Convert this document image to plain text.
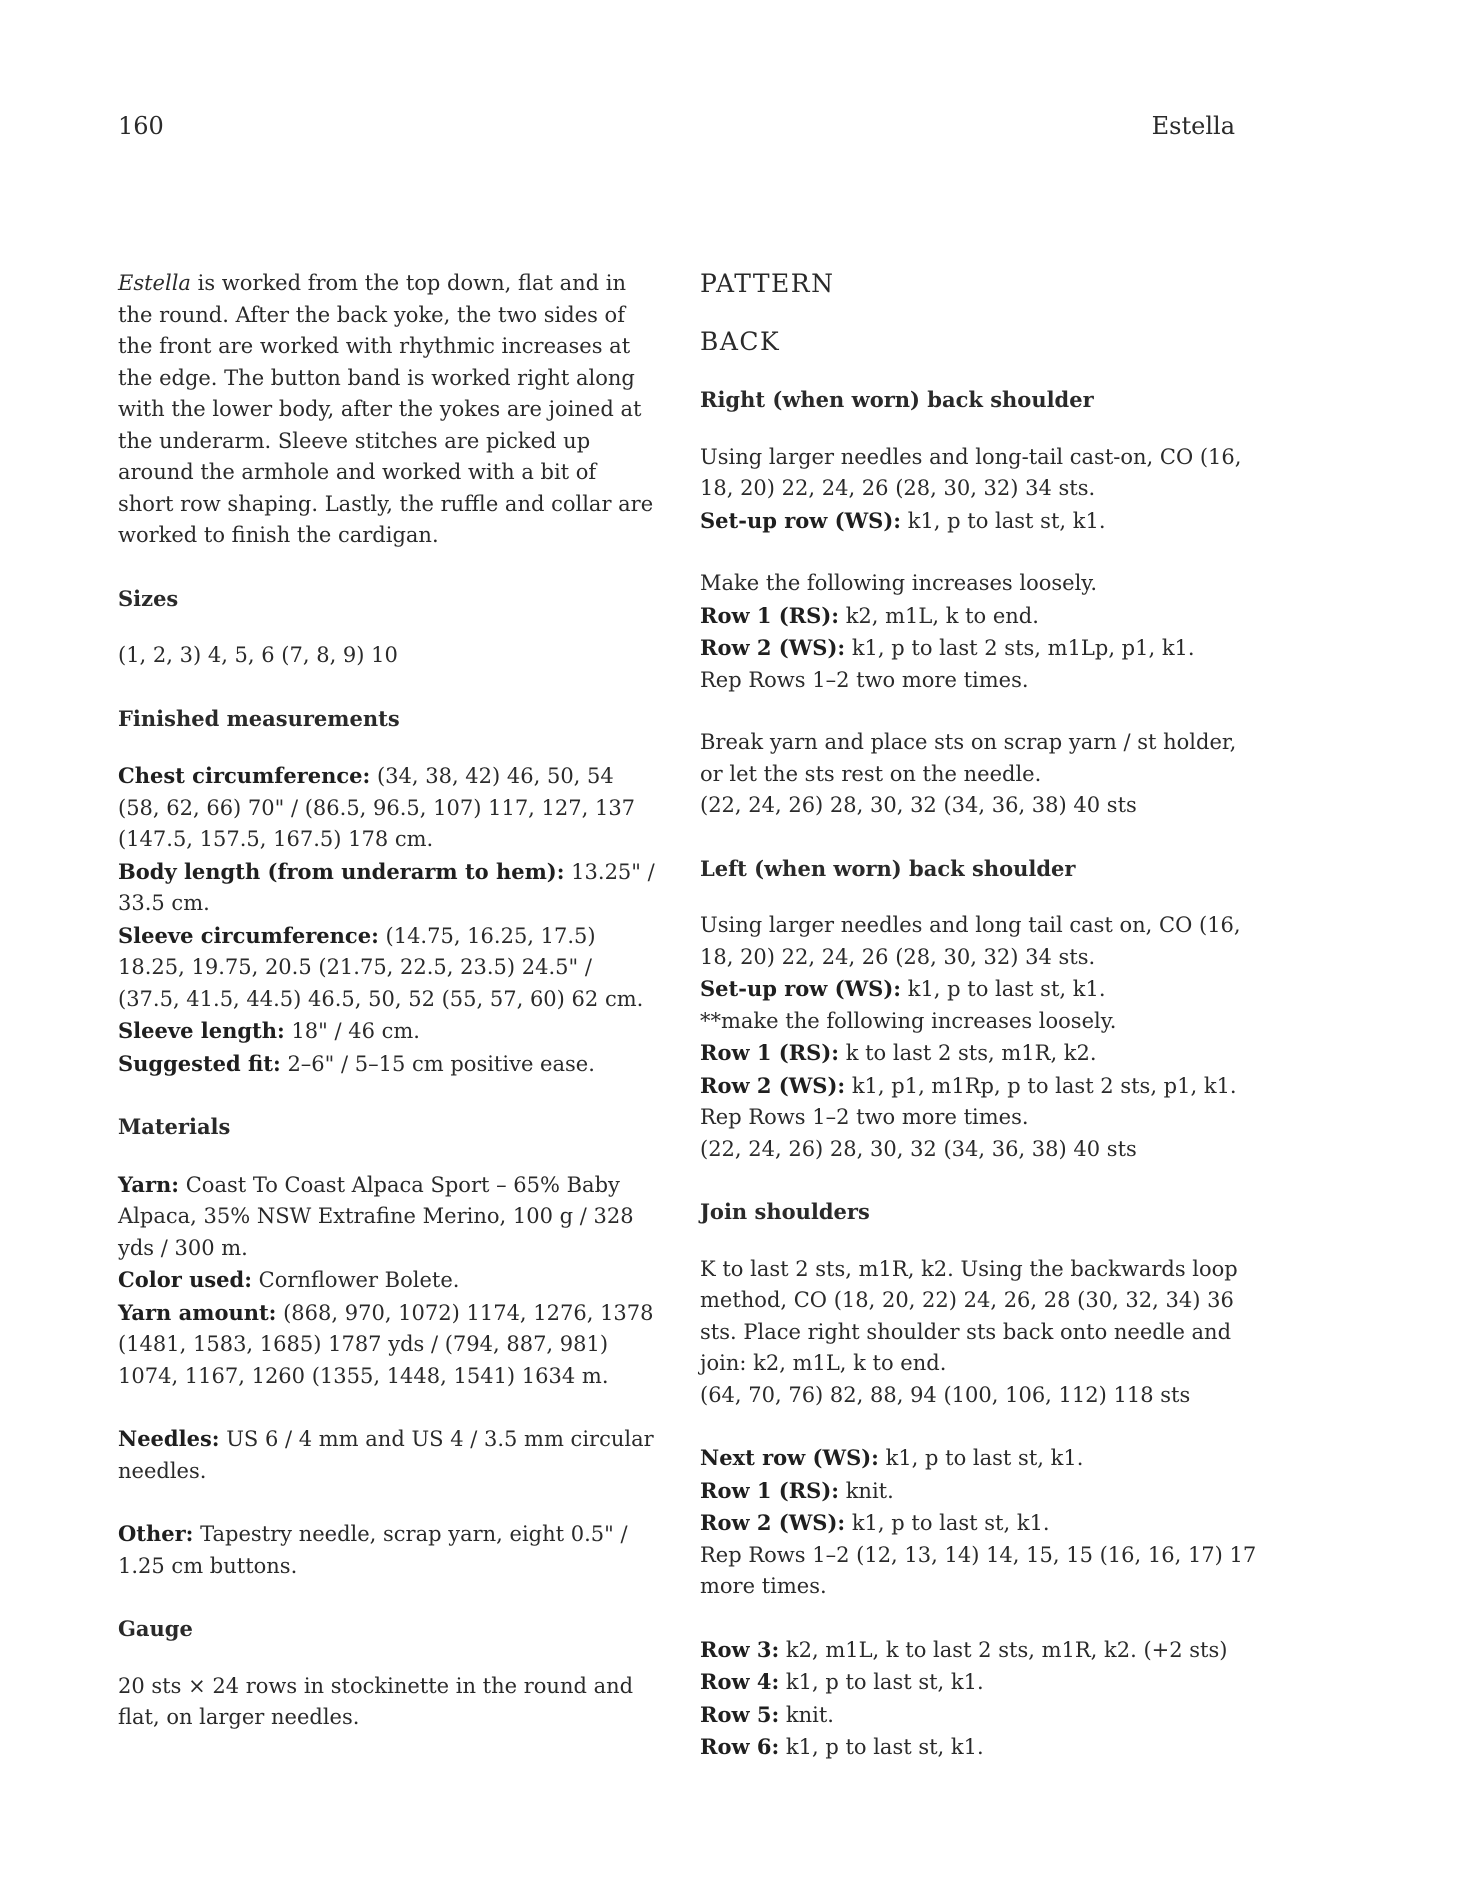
160	Estella

Estella is worked from the top down, flat and in the round. After the back yoke, the two sides of the front are worked with rhythmic increases at the edge. The button band is worked right along with the lower body, after the yokes are joined at the underarm. Sleeve stitches are picked up around the armhole and worked with a bit of short row shaping. Lastly, the ruffle and collar are worked to finish the cardigan.

Sizes

(1, 2, 3) 4, 5, 6 (7, 8, 9) 10

Finished measurements

Chest circumference: (34, 38, 42) 46, 50, 54 (58, 62, 66) 70" / (86.5, 96.5, 107) 117, 127, 137 (147.5, 157.5, 167.5) 178 cm.
Body length (from underarm to hem): 13.25" / 33.5 cm.
Sleeve circumference: (14.75, 16.25, 17.5) 18.25, 19.75, 20.5 (21.75, 22.5, 23.5) 24.5" / (37.5, 41.5, 44.5) 46.5, 50, 52 (55, 57, 60) 62 cm.
Sleeve length: 18" / 46 cm.
Suggested fit: 2–6" / 5–15 cm positive ease.

Materials

Yarn: Coast To Coast Alpaca Sport – 65% Baby Alpaca, 35% NSW Extrafine Merino, 100 g / 328 yds / 300 m.
Color used: Cornflower Bolete.
Yarn amount: (868, 970, 1072) 1174, 1276, 1378 (1481, 1583, 1685) 1787 yds / (794, 887, 981) 1074, 1167, 1260 (1355, 1448, 1541) 1634 m.

Needles: US 6 / 4 mm and US 4 / 3.5 mm circular needles.

Other: Tapestry needle, scrap yarn, eight 0.5" / 1.25 cm buttons.

Gauge

20 sts × 24 rows in stockinette in the round and flat, on larger needles.

PATTERN
BACK
Right (when worn) back shoulder

Using larger needles and long-tail cast-on, CO (16, 18, 20) 22, 24, 26 (28, 30, 32) 34 sts.
Set-up row (WS): k1, p to last st, k1.

Make the following increases loosely.
Row 1 (RS): k2, m1L, k to end.
Row 2 (WS): k1, p to last 2 sts, m1Lp, p1, k1.
Rep Rows 1–2 two more times.

Break yarn and place sts on scrap yarn / st holder, or let the sts rest on the needle.
(22, 24, 26) 28, 30, 32 (34, 36, 38) 40 sts

Left (when worn) back shoulder

Using larger needles and long tail cast on, CO (16, 18, 20) 22, 24, 26 (28, 30, 32) 34 sts.
Set-up row (WS): k1, p to last st, k1.
**make the following increases loosely.
Row 1 (RS): k to last 2 sts, m1R, k2.
Row 2 (WS): k1, p1, m1Rp, p to last 2 sts, p1, k1.
Rep Rows 1–2 two more times.
(22, 24, 26) 28, 30, 32 (34, 36, 38) 40 sts

Join shoulders

K to last 2 sts, m1R, k2. Using the backwards loop method, CO (18, 20, 22) 24, 26, 28 (30, 32, 34) 36 sts. Place right shoulder sts back onto needle and join: k2, m1L, k to end.
(64, 70, 76) 82, 88, 94 (100, 106, 112) 118 sts

Next row (WS): k1, p to last st, k1.
Row 1 (RS): knit.
Row 2 (WS): k1, p to last st, k1.
Rep Rows 1–2 (12, 13, 14) 14, 15, 15 (16, 16, 17) 17 more times.

Row 3: k2, m1L, k to last 2 sts, m1R, k2. (+2 sts)
Row 4: k1, p to last st, k1.
Row 5: knit.
Row 6: k1, p to last st, k1.
